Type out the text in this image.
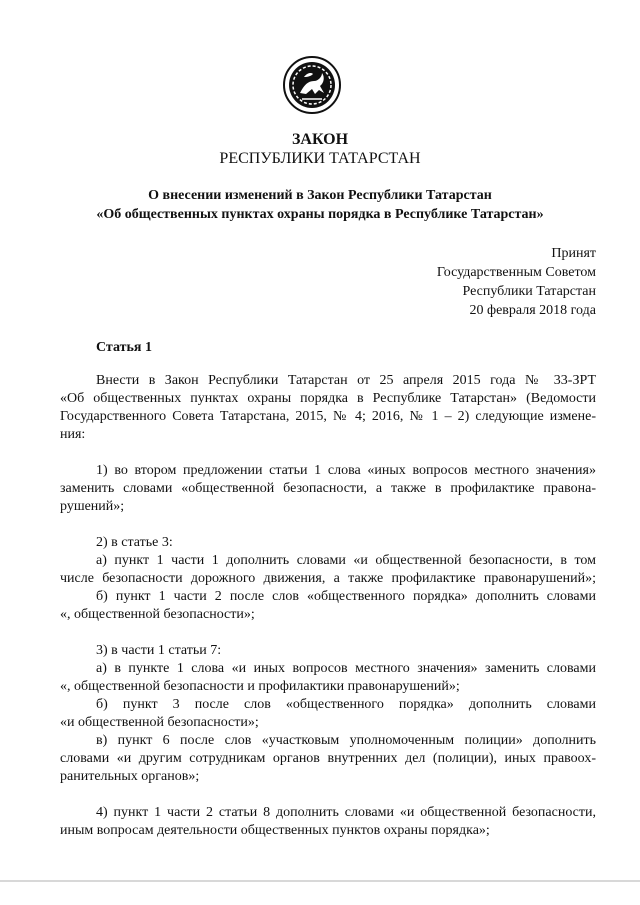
ЗАКОН
РЕСПУБЛИКИ ТАТАРСТАН
О внесении изменений в Закон Республики Татарстан
«Об общественных пунктах охраны порядка в Республике Татарстан»
Принят
Государственным Советом
Республики Татарстан
20 февраля 2018 года
Статья 1
Внести в Закон Республики Татарстан от 25 апреля 2015 года № 33-ЗРТ
«Об общественных пунктах охраны порядка в Республике Татарстан» (Ведомости
Государственного Совета Татарстана, 2015, № 4; 2016, № 1 – 2) следующие измене-
ния:
1) во втором предложении статьи 1 слова «иных вопросов местного значения»
заменить словами «общественной безопасности, а также в профилактике правона-
рушений»;
2) в статье 3:
а) пункт 1 части 1 дополнить словами «и общественной безопасности, в том
числе безопасности дорожного движения, а также профилактике правонарушений»;
б) пункт 1 части 2 после слов «общественного порядка» дополнить словами
«, общественной безопасности»;
3) в части 1 статьи 7:
а) в пункте 1 слова «и иных вопросов местного значения» заменить словами
«, общественной безопасности и профилактики правонарушений»;
б) пункт 3 после слов «общественного порядка» дополнить словами
«и общественной безопасности»;
в) пункт 6 после слов «участковым уполномоченным полиции» дополнить
словами «и другим сотрудникам органов внутренних дел (полиции), иных правоох-
ранительных органов»;
4) пункт 1 части 2 статьи 8 дополнить словами «и общественной безопасности,
иным вопросам деятельности общественных пунктов охраны порядка»;
